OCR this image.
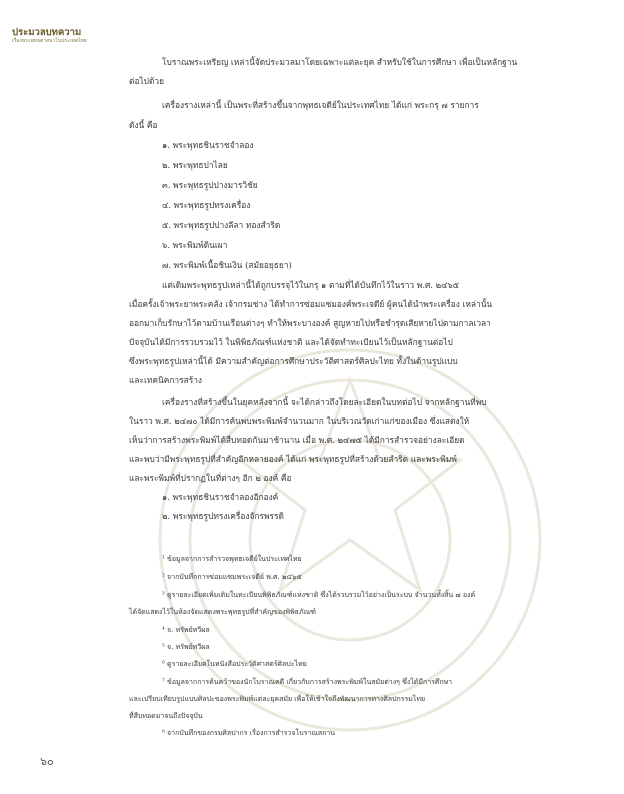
ประมวลบทความ
เรื่องพระพุทธศาสนาในประเทศไทย
โบราณพระเหรียญ เหล่านี้จัดประมวลมาโดยเฉพาะแต่ละยุค สำหรับใช้ในการศึกษา เพื่อเป็นหลักฐาน
ต่อไปด้วย
เครื่องรางเหล่านี้ เป็นพระที่สร้างขึ้นจากพุทธเจดีย์ในประเทศไทย ได้แก่ พระกรุ ๗ รายการ
ดังนี้ คือ
๑. พระพุทธชินราชจำลอง
๒. พระพุทธปาไลย
๓. พระพุทธรูปปางมารวิชัย
๔. พระพุทธรูปทรงเครื่อง
๕. พระพุทธรูปปางลีลา ทองสำริด
๖. พระพิมพ์ดินเผา
๗. พระพิมพ์เนื้อชินเงิน (สมัยอยุธยา)
แต่เดิมพระพุทธรูปเหล่านี้ได้ถูกบรรจุไว้ในกรุ ๑ ตามที่ได้บันทึกไว้ในราว พ.ศ. ๒๔๖๕
เมื่อครั้งเจ้าพระยาพระคลัง เจ้ากรมช่าง ได้ทำการซ่อมแซมองค์พระเจดีย์ ผู้คนได้นำพระเครื่อง เหล่านั้น
ออกมาเก็บรักษาไว้ตามบ้านเรือนต่างๆ ทำให้พระบางองค์ สูญหายไปหรือชำรุดเสียหายไปตามกาลเวลา
ปัจจุบันได้มีการรวบรวมไว้ ในพิพิธภัณฑ์แห่งชาติ และได้จัดทำทะเบียนไว้เป็นหลักฐานต่อไป
ซึ่งพระพุทธรูปเหล่านี้ได้ มีความสำคัญต่อการศึกษาประวัติศาสตร์ศิลปะไทย ทั้งในด้านรูปแบบ
และเทคนิคการสร้าง
เครื่องรางที่สร้างขึ้นในยุคหลังจากนี้ จะได้กล่าวถึงโดยละเอียดในบทต่อไป จากหลักฐานที่พบ
ในราว พ.ศ. ๒๔๗๐ ได้มีการค้นพบพระพิมพ์จำนวนมาก ในบริเวณวัดเก่าแก่ของเมือง ซึ่งแสดงให้
เห็นว่าการสร้างพระพิมพ์ได้สืบทอดกันมาช้านาน เมื่อ พ.ศ. ๒๔๗๕ ได้มีการสำรวจอย่างละเอียด
และพบว่ามีพระพุทธรูปที่สำคัญอีกหลายองค์ ได้แก่ พระพุทธรูปที่สร้างด้วยสำริด และพระพิมพ์
และพระพิมพ์ที่ปรากฏในที่ต่างๆ อีก ๒ องค์ คือ
๑. พระพุทธชินราชจำลองอีกองค์
๒. พระพุทธรูปทรงเครื่องจักรพรรดิ
¹ ข้อมูลจากการสำรวจพุทธเจดีย์ในประเทศไทย
² จากบันทึกการซ่อมแซมพระเจดีย์ พ.ศ. ๒๔๖๕
³ ดูรายละเอียดเพิ่มเติมในทะเบียนพิพิธภัณฑ์แห่งชาติ ซึ่งได้รวบรวมไว้อย่างเป็นระบบ จำนวนทั้งสิ้น ๗ องค์
ได้จัดแสดงไว้ในห้องจัดแสดงพระพุทธรูปที่สำคัญของพิพิธภัณฑ์
⁴ จ. ทรัพย์ทวีผล
⁵ จ. ทรัพย์ทวีผล
⁶ ดูรายละเอียดในหนังสือประวัติศาสตร์ศิลปะไทย
⁷ ข้อมูลจากการค้นคว้าของนักโบราณคดี เกี่ยวกับการสร้างพระพิมพ์ในสมัยต่างๆ ซึ่งได้มีการศึกษา
และเปรียบเทียบรูปแบบศิลปะของพระพิมพ์แต่ละยุคสมัย เพื่อให้เข้าใจถึงพัฒนาการทางศิลปกรรมไทย
ที่สืบทอดมาจนถึงปัจจุบัน
⁸ จากบันทึกของกรมศิลปากร เรื่องการสำรวจโบราณสถาน
๖๐
